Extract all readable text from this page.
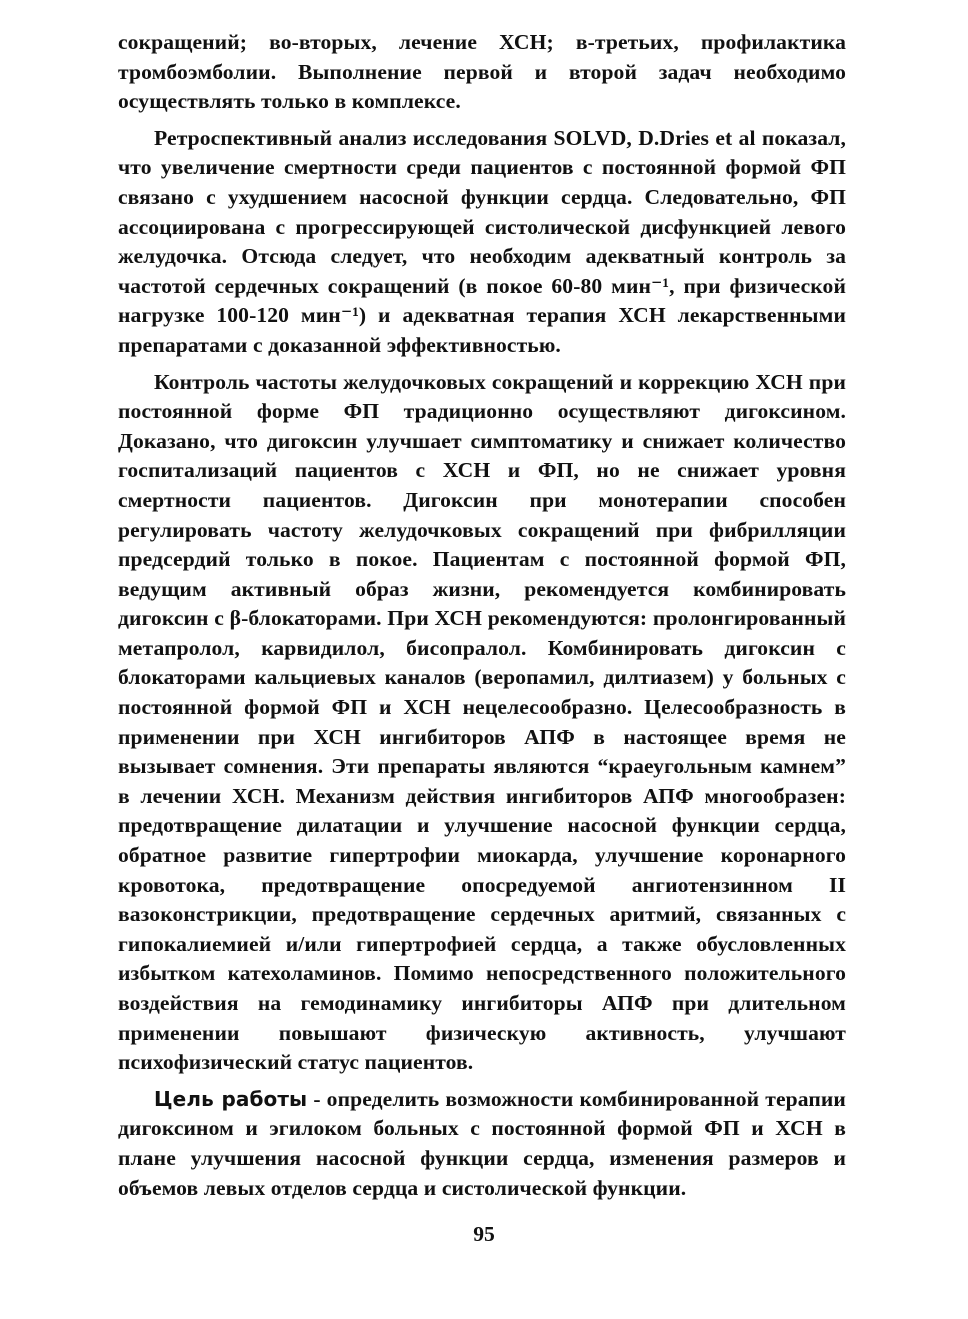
сокращений; во-вторых, лечение ХСН; в-третьих, профилактика тромбоэмболии. Выполнение первой и второй задач необходимо осуществлять только в комплексе.

Ретроспективный анализ исследования SOLVD, D.Dries et al показал, что увеличение смертности среди пациентов с постоянной формой ФП связано с ухудшением насосной функции сердца. Следовательно, ФП ассоциирована с прогрессирующей систолической дисфункцией левого желудочка. Отсюда следует, что необходим адекватный контроль за частотой сердечных сокращений (в покое 60-80 мин⁻¹, при физической нагрузке 100-120 мин⁻¹) и адекватная терапия ХСН лекарственными препаратами с доказанной эффективностью.

Контроль частоты желудочковых сокращений и коррекцию ХСН при постоянной форме ФП традиционно осуществляют дигоксином. Доказано, что дигоксин улучшает симптоматику и снижает количество госпитализаций пациентов с ХСН и ФП, но не снижает уровня смертности пациентов. Дигоксин при монотерапии способен регулировать частоту желудочковых сокращений при фибрилляции предсердий только в покое. Пациентам с постоянной формой ФП, ведущим активный образ жизни, рекомендуется комбинировать дигоксин с β-блокаторами. При ХСН рекомендуются: пролонгированный метапролол, карвидилол, бисопралол. Комбинировать дигоксин с блокаторами кальциевых каналов (веропамил, дилтиазем) у больных с постоянной формой ФП и ХСН нецелесообразно. Целесообразность в применении при ХСН ингибиторов АПФ в настоящее время не вызывает сомнения. Эти препараты являются “краеугольным камнем” в лечении ХСН. Механизм действия ингибиторов АПФ многообразен: предотвращение дилатации и улучшение насосной функции сердца, обратное развитие гипертрофии миокарда, улучшение коронарного кровотока, предотвращение опосредуемой ангиотензинном II вазоконстрикции, предотвращение сердечных аритмий, связанных с гипокалиемией и/или гипертрофией сердца, а также обусловленных избытком катехоламинов. Помимо непосредственного положительного воздействия на гемодинамику ингибиторы АПФ при длительном применении повышают физическую активность, улучшают психофизический статус пациентов.

Цель работы - определить возможности комбинированной терапии дигоксином и эгилоком больных с постоянной формой ФП и ХСН в плане улучшения насосной функции сердца, изменения размеров и объемов левых отделов сердца и систолической функции.

95
